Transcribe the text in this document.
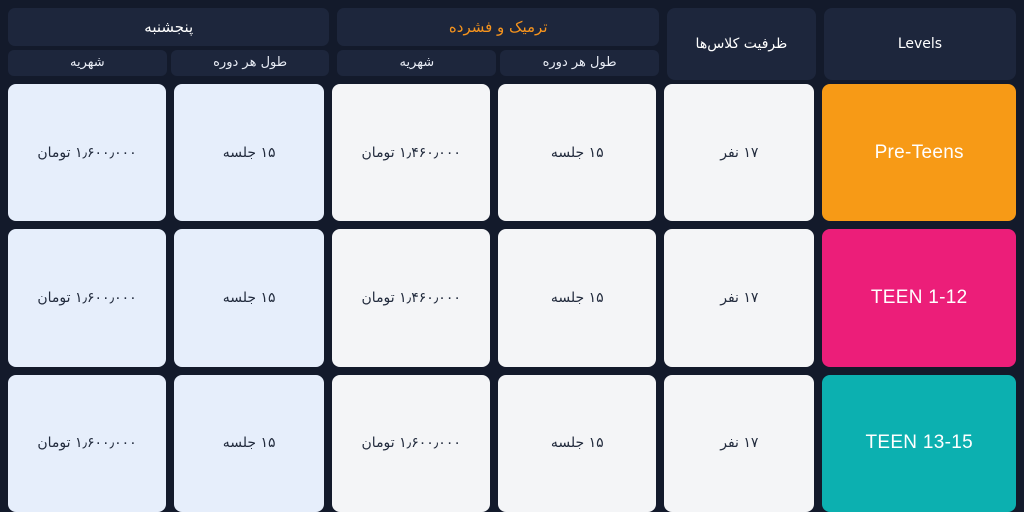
Levels
ظرفیت کلاس‌ها
ترمیک و فشرده
طول هر دوره
شهریه
پنجشنبه
طول هر دوره
شهریه
Pre-Teens
۱۷ نفر
۱۵ جلسه
۱٫۴۶۰٫۰۰۰ تومان
۱۵ جلسه
۱٫۶۰۰٫۰۰۰ تومان
TEEN 1-12
۱۷ نفر
۱۵ جلسه
۱٫۴۶۰٫۰۰۰ تومان
۱۵ جلسه
۱٫۶۰۰٫۰۰۰ تومان
TEEN 13-15
۱۷ نفر
۱۵ جلسه
۱٫۶۰۰٫۰۰۰ تومان
۱۵ جلسه
۱٫۶۰۰٫۰۰۰ تومان
